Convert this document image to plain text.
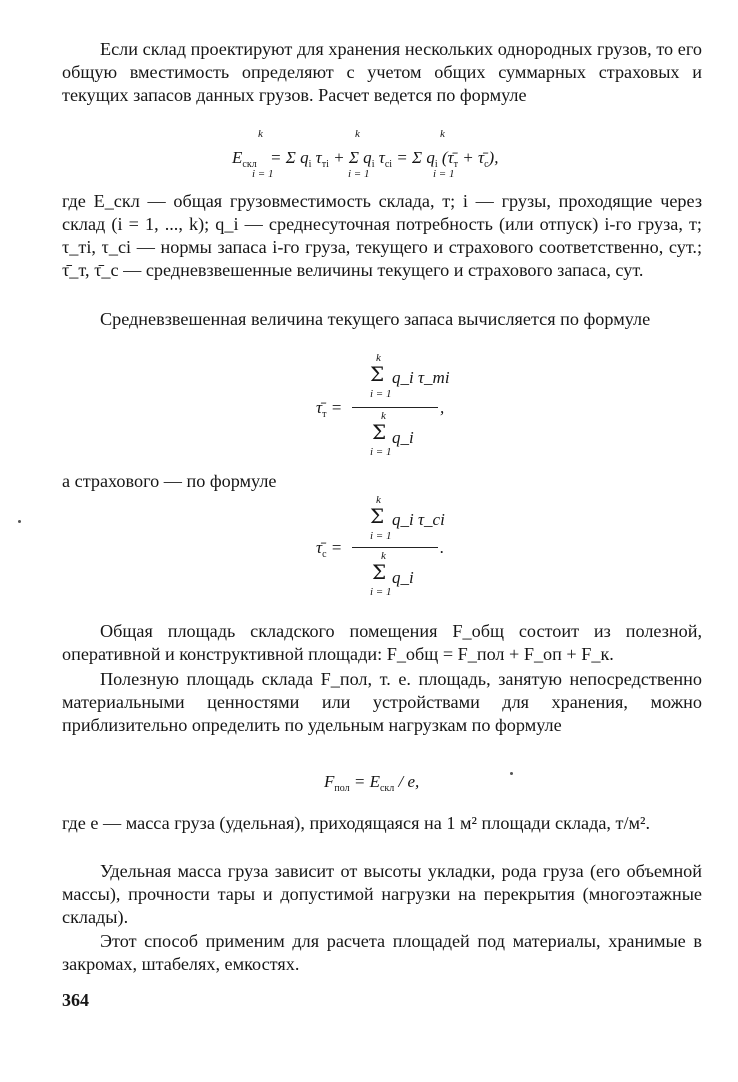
Если склад проектируют для хранения нескольких однородных грузов, то его общую вместимость определяют с учетом общих суммарных страховых и текущих запасов данных грузов. Расчет ведется по формуле

k	k	k
$E_{скл} = \Sigma$ $q_i$ $\tau_{тi} + \Sigma$ $q_i$ $\tau_{сi} = \Sigma$ $q_i$ ($\taū_т$ + $\taū_с$),
i = 1	i = 1	i = 1

где E_скл — общая грузовместимость склада, т; i — грузы, проходящие через склад (i = 1, ..., k); q_i — среднесуточная потребность (или отпуск) i-го груза, т; τ_тi, τ_сi — нормы запаса i-го груза, текущего и страхового соответственно, сут.; τ̄_т, τ̄_с — средневзвешенные величины текущего и страхового запаса, сут.

Средневзвешенная величина текущего запаса вычисляется по формуле

k
Σ q_i τ_тi
i = 1
$\taū_т$ =	,
k
Σ q_i
i = 1

а страхового — по формуле

k
Σ q_i τ_сi
i = 1
$\taū_с$ =	.
k
Σ q_i
i = 1

Общая площадь складского помещения F_общ состоит из полезной, оперативной и конструктивной площади: F_общ = F_пол + F_оп + F_к.

Полезную площадь склада F_пол, т. е. площадь, занятую непосредственно материальными ценностями или устройствами для хранения, можно приблизительно определить по удельным нагрузкам по формуле

$F_{пол} = E_{скл} / e$,

где e — масса груза (удельная), приходящаяся на 1 м² площади склада, т/м².

Удельная масса груза зависит от высоты укладки, рода груза (его объемной массы), прочности тары и допустимой нагрузки на перекрытия (многоэтажные склады).

Этот способ применим для расчета площадей под материалы, хранимые в закромах, штабелях, емкостях.

364
